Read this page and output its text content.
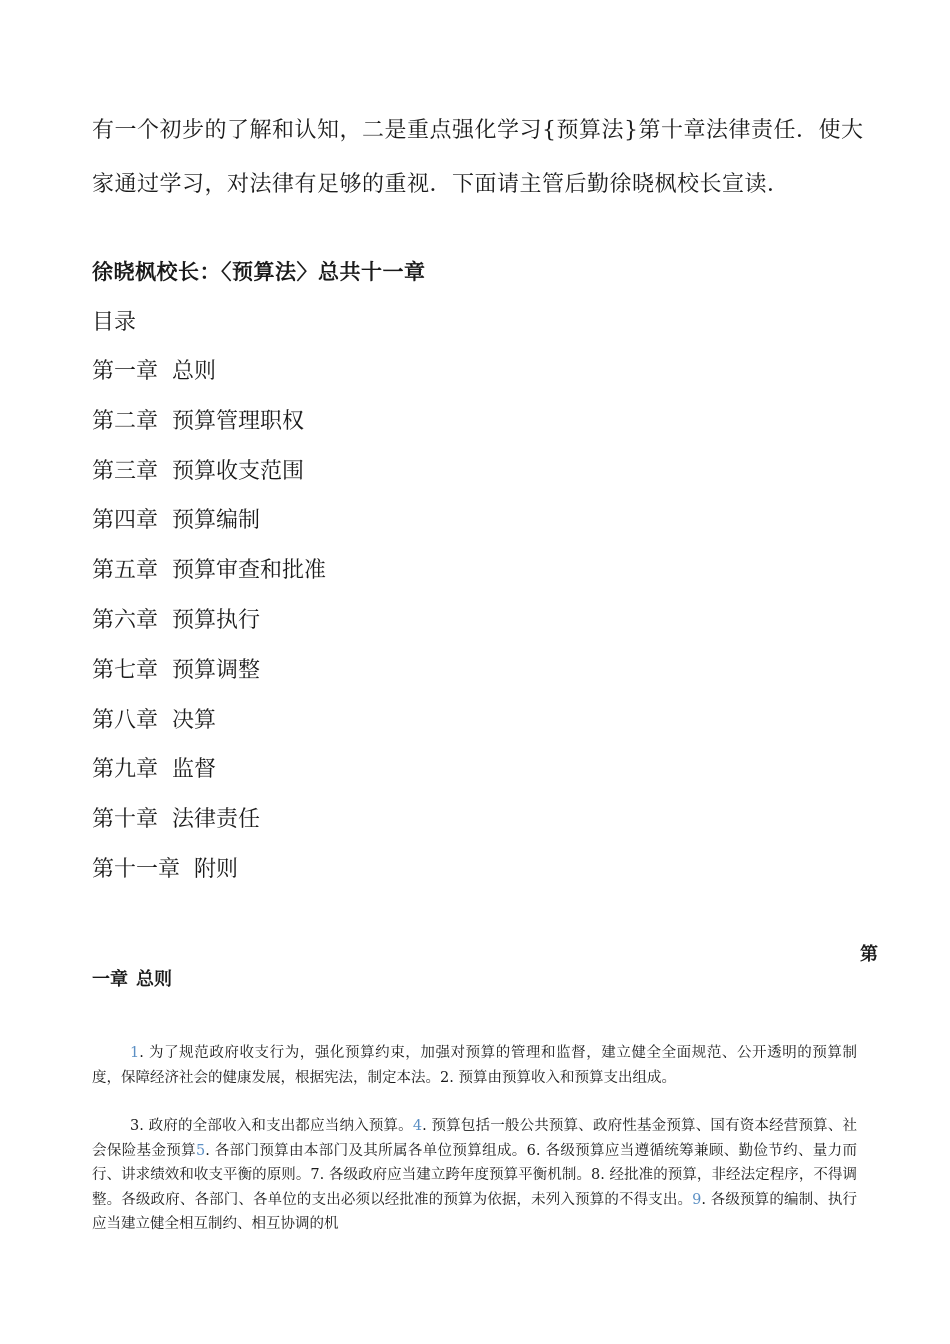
有一个初步的了解和认知，二是重点强化学习{预算法}第十章法律责任．使大家通过学习，对法律有足够的重视．下面请主管后勤徐晓枫校长宣读．
徐晓枫校长：〈预算法〉总共十一章
目录
第一章 总则
第二章 预算管理职权
第三章 预算收支范围
第四章 预算编制
第五章 预算审查和批准
第六章 预算执行
第七章 预算调整
第八章 决算
第九章 监督
第十章 法律责任
第十一章 附则
第
一章 总则

1. 为了规范政府收支行为，强化预算约束，加强对预算的管理和监督，建立健全全面规范、公开透明的预算制度，保障经济社会的健康发展，根据宪法，制定本法。2. 预算由预算收入和预算支出组成。

3. 政府的全部收入和支出都应当纳入预算。4. 预算包括一般公共预算、政府性基金预算、国有资本经营预算、社会保险基金预算5. 各部门预算由本部门及其所属各单位预算组成。6. 各级预算应当遵循统筹兼顾、勤俭节约、量力而行、讲求绩效和收支平衡的原则。7. 各级政府应当建立跨年度预算平衡机制。8. 经批准的预算，非经法定程序，不得调整。各级政府、各部门、各单位的支出必须以经批准的预算为依据，未列入预算的不得支出。9. 各级预算的编制、执行应当建立健全相互制约、相互协调的机
